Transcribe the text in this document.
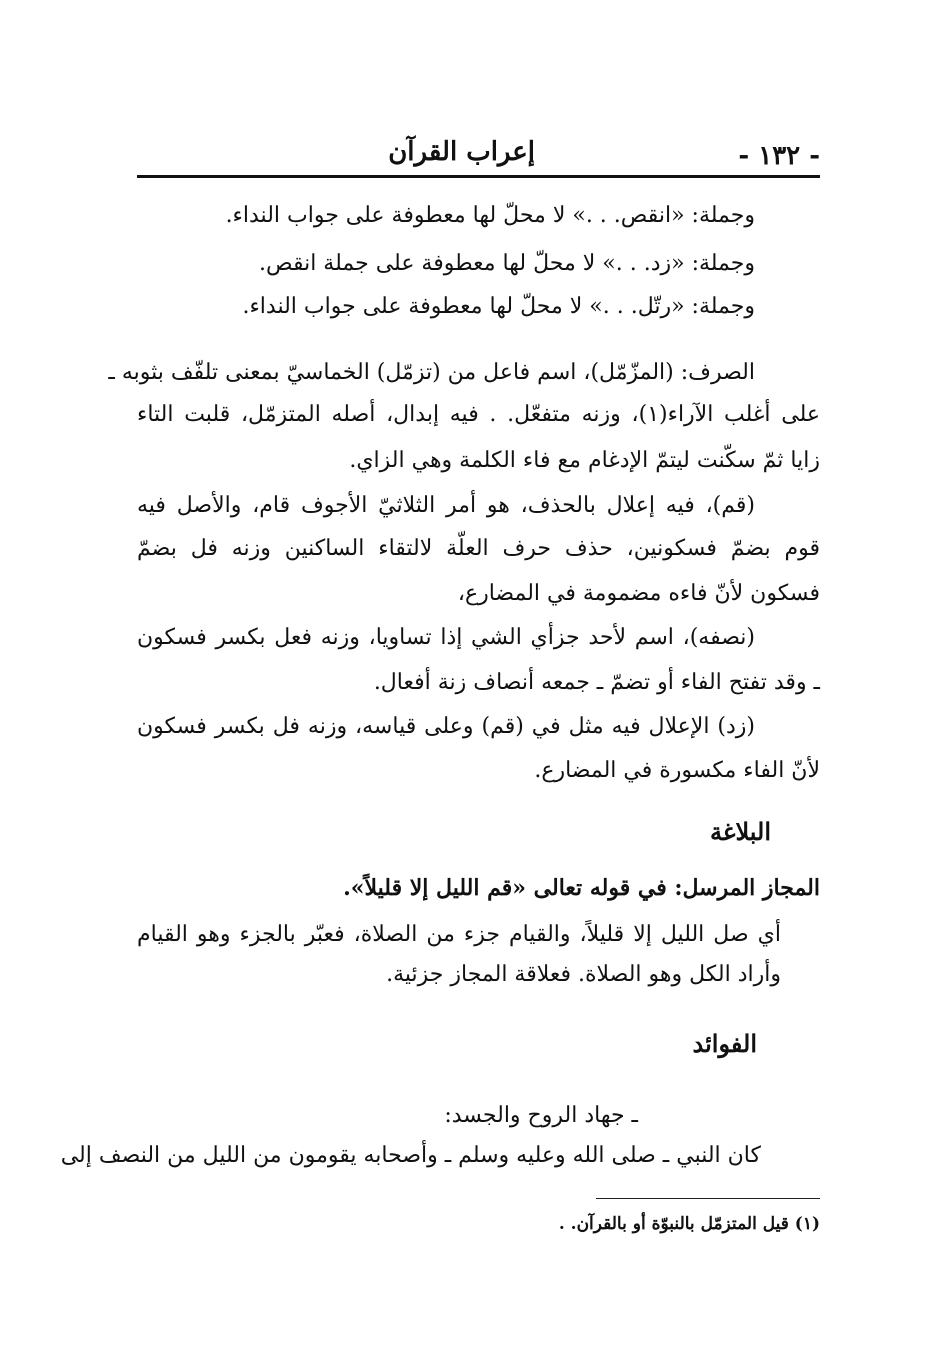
إعراب القرآن	- ١٣٢ -
وجملة: «انقص. . .» لا محلّ لها معطوفة على جواب النداء.
وجملة: «زد. . .» لا محلّ لها معطوفة على جملة انقص.
وجملة: «رتّل. . .» لا محلّ لها معطوفة على جواب النداء.
الصرف: (المزّمّل)، اسم فاعل من (تزمّل) الخماسيّ بمعنى تلفّف بثوبه ـ
على أغلب الآراء(١)، وزنه متفعّل. . فيه إبدال، أصله المتزمّل، قلبت التاء
زايا ثمّ سكّنت ليتمّ الإدغام مع فاء الكلمة وهي الزاي.
(قم)، فيه إعلال بالحذف، هو أمر الثلاثيّ الأجوف قام، والأصل فيه
قوم بضمّ فسكونين، حذف حرف العلّة لالتقاء الساكنين وزنه فل بضمّ
فسكون لأنّ فاءه مضمومة في المضارع،
(نصفه)، اسم لأحد جزأي الشي إذا تساويا، وزنه فعل بكسر فسكون
ـ وقد تفتح الفاء أو تضمّ ـ جمعه أنصاف زنة أفعال.
(زد) الإعلال فيه مثل في (قم) وعلى قياسه، وزنه فل بكسر فسكون
لأنّ الفاء مكسورة في المضارع.
البلاغة
المجاز المرسل: في قوله تعالى «قم الليل إلا قليلاً».
أي صل الليل إلا قليلاً، والقيام جزء من الصلاة، فعبّر بالجزء وهو القيام
وأراد الكل وهو الصلاة. فعلاقة المجاز جزئية.
الفوائد
ـ جهاد الروح والجسد:
كان النبي ـ صلى الله وعليه وسلم ـ وأصحابه يقومون من الليل من النصف إلى
(١) قيل المتزمّل بالنبوّة أو بالقرآن. .
